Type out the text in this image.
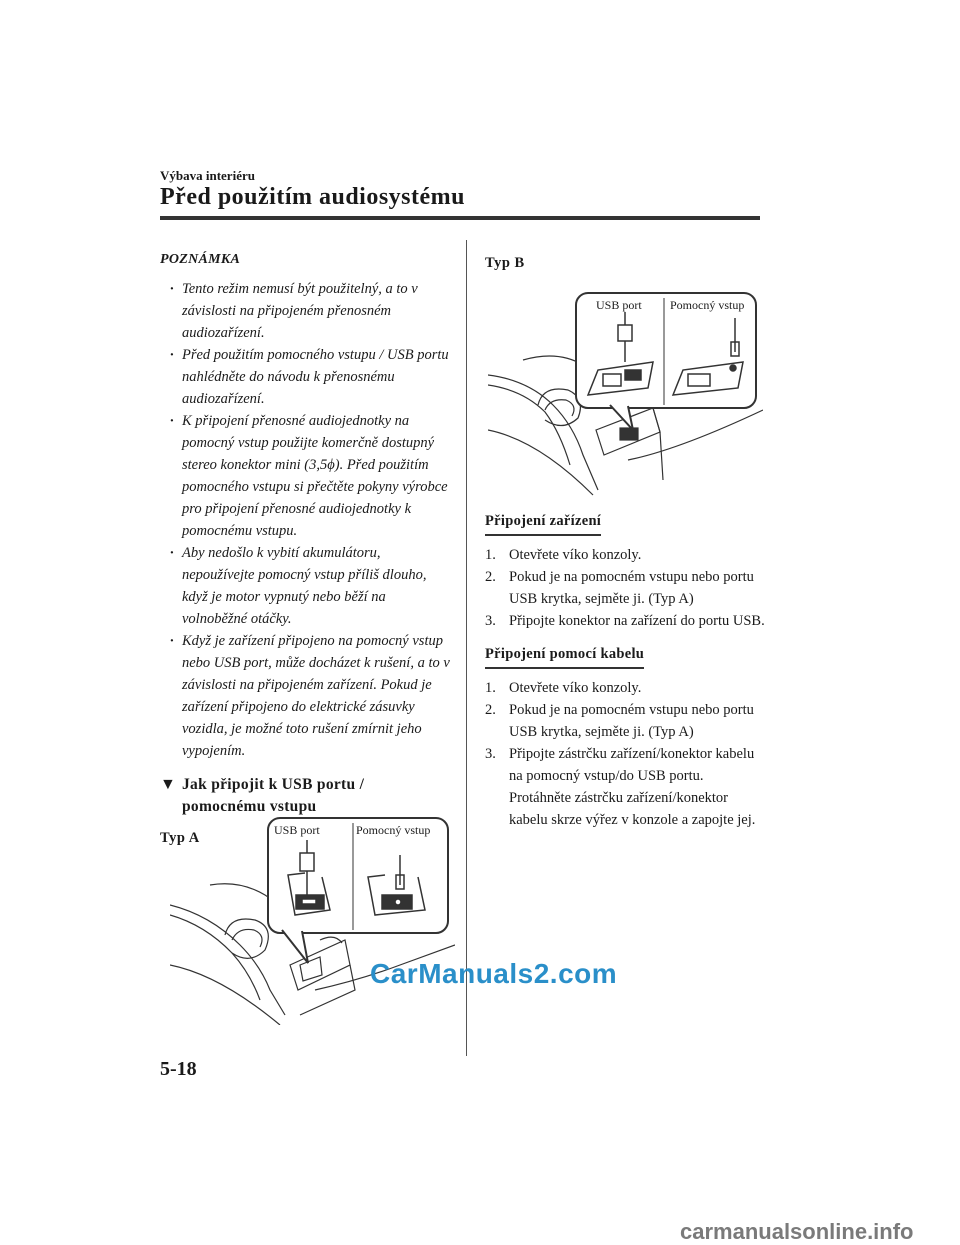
Výbava interiéru
Před použitím audiosystému
POZNÁMKA
· Tento režim nemusí být použitelný, a to v závislosti na připojeném přenosném audiozařízení.
· Před použitím pomocného vstupu / USB portu nahlédněte do návodu k přenosnému audiozařízení.
· K připojení přenosné audiojednotky na pomocný vstup použijte komerčně dostupný stereo konektor mini (3,5ϕ). Před použitím pomocného vstupu si přečtěte pokyny výrobce pro připojení přenosné audiojednotky k pomocnému vstupu.
· Aby nedošlo k vybití akumulátoru, nepoužívejte pomocný vstup příliš dlouho, když je motor vypnutý nebo běží na volnoběžné otáčky.
· Když je zařízení připojeno na pomocný vstup nebo USB port, může docházet k rušení, a to v závislosti na připojeném zařízení. Pokud je zařízení připojeno do elektrické zásuvky vozidla, je možné toto rušení zmírnit jeho vypojením.
▼ Jak připojit k USB portu / pomocnému vstupu
Typ A	USB port	Pomocný vstup
Typ B
USB port Pomocný vstup
Připojení zařízení
1. Otevřete víko konzoly.
2. Pokud je na pomocném vstupu nebo portu USB krytka, sejměte ji. (Typ A)
3. Připojte konektor na zařízení do portu USB.
Připojení pomocí kabelu
1. Otevřete víko konzoly.
2. Pokud je na pomocném vstupu nebo portu USB krytka, sejměte ji. (Typ A)
3. Připojte zástrčku zařízení/konektor kabelu na pomocný vstup/do USB portu. Protáhněte zástrčku zařízení/konektor kabelu skrze výřez v konzole a zapojte jej.
5-18
CarManuals2.com
carmanualsonline.info
